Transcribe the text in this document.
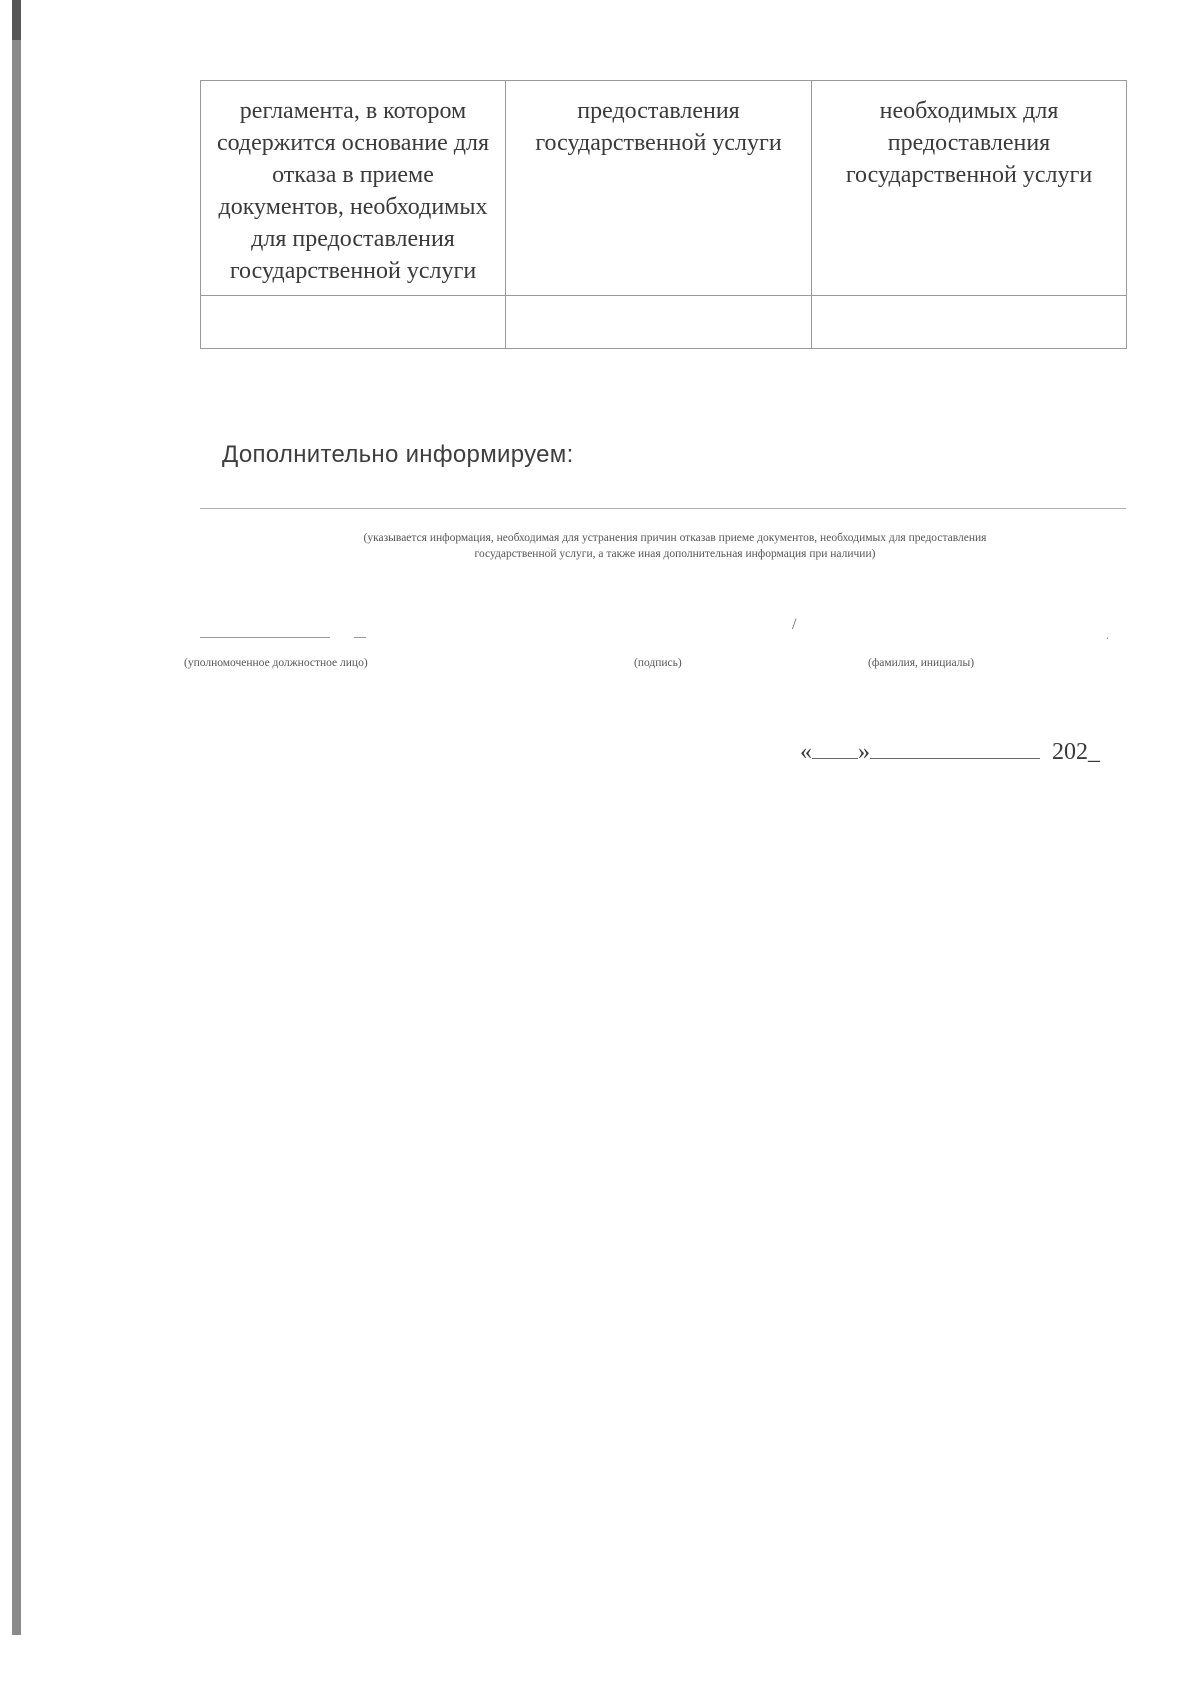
регламента, в котором содержится основание для отказа в приеме документов, необходимых для предоставления государственной услуги	предоставления государственной услуги	необходимых для предоставления государственной услуги

Дополнительно информируем:
(указывается информация, необходимая для устранения причин отказав приеме документов, необходимых для предоставления
государственной услуги, а также иная дополнительная информация при наличии)
/
.
(уполномоченное должностное лицо)	(подпись)	(фамилия, инициалы)
« »	202_
